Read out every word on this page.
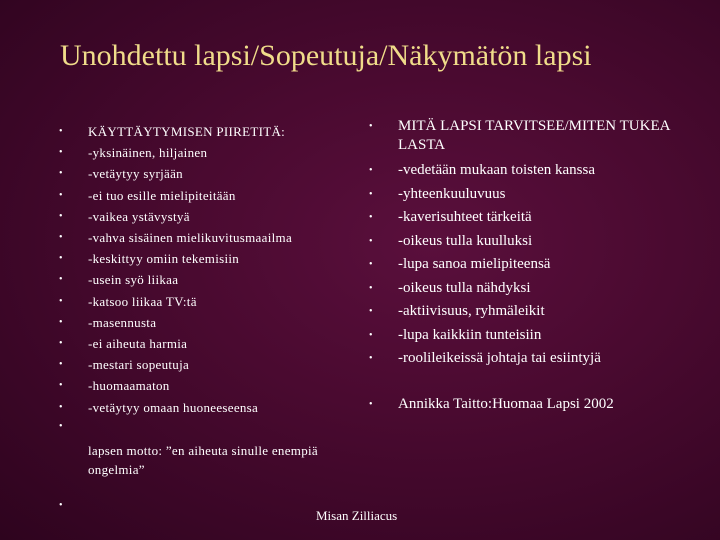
Unohdettu lapsi/Sopeutuja/Näkymätön lapsi
• KÄYTTÄYTYMISEN PIIRETITÄ:
• -yksinäinen, hiljainen
• -vetäytyy syrjään
• -ei tuo esille mielipiteitään
• -vaikea ystävystyä
• -vahva sisäinen mielikuvitusmaailma
• -keskittyy omiin tekemisiin
• -usein syö liikaa
• -katsoo liikaa TV:tä
• -masennusta
• -ei aiheuta harmia
• -mestari sopeutuja
• -huomaamaton
• -vetäytyy omaan huoneeseensa
•
lapsen motto: ”en aiheuta sinulle enempiä ongelmia”
•
• MITÄ LAPSI TARVITSEE/MITEN TUKEA LASTA
• -vedetään mukaan toisten kanssa
• -yhteenkuuluvuus
• -kaverisuhteet tärkeitä
• -oikeus tulla kuulluksi
• -lupa sanoa mielipiteensä
• -oikeus tulla nähdyksi
• -aktiivisuus, ryhmäleikit
• -lupa kaikkiin tunteisiin
• -roolileikeissä johtaja tai esiintyjä
• Annikka Taitto:Huomaa Lapsi 2002
Misan Zilliacus
